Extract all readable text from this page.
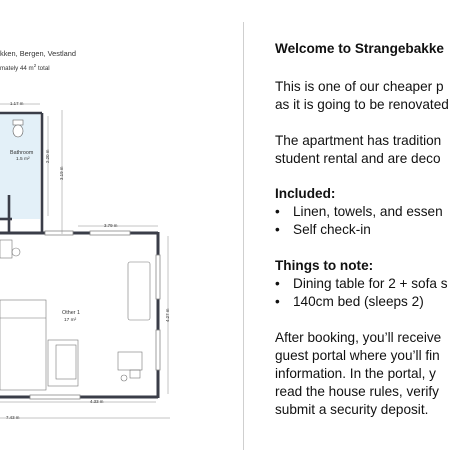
kken, Bergen, Vestland
mately 44 $m^2$ total
Bathroom
1.5 m²
Other 1
17 m²
1.17 m
2.20 m
3.19 m
3.79 m
4.27 m
4.33 m
7.43 m
Welcome to Strangebakke
This is one of our cheaper p
as it is going to be renovated
The apartment has tradition
student rental and are deco
Included:
• Linen, towels, and essen
• Self check-in
Things to note:
• Dining table for 2 + sofa s
• 140cm bed (sleeps 2)
After booking, you’ll receive
guest portal where you’ll fin
information. In the portal, y
read the house rules, verify
submit a security deposit.
